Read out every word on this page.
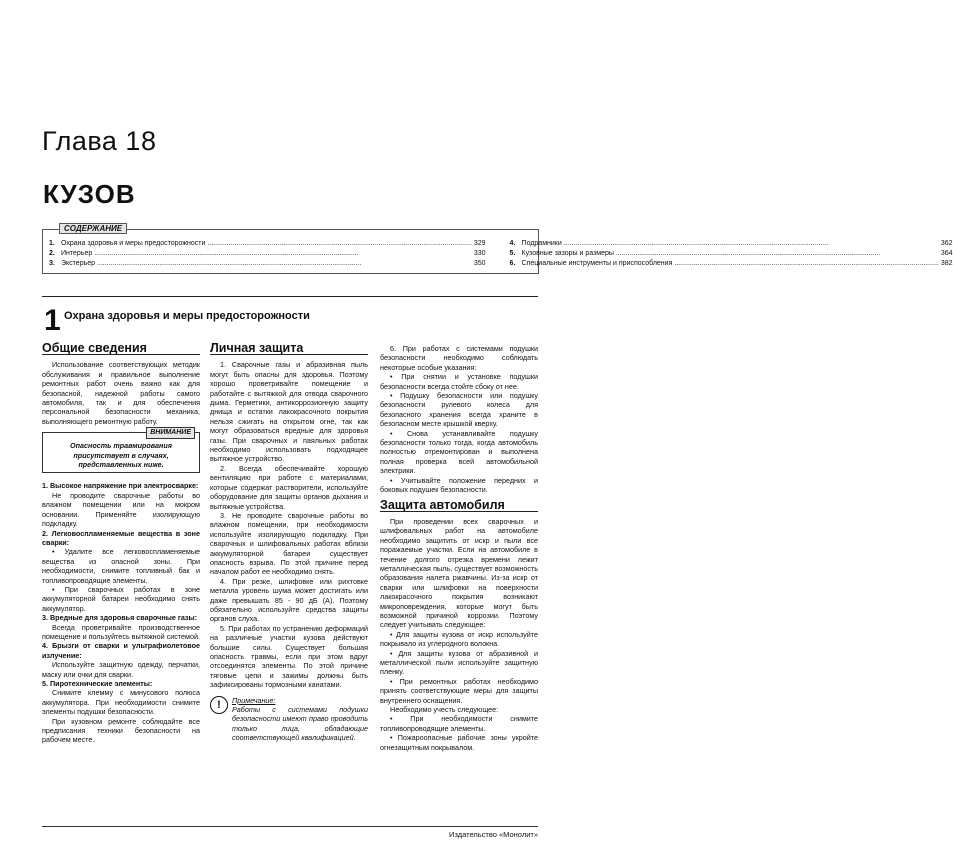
Глава 18
КУЗОВ
СОДЕРЖАНИЕ
1. Охрана здоровья и меры предосторожности .....	329
2. Интерьер .....	330
3. Экстерьер .....	350
4. Подрамники .....	362
5. Кузовные зазоры и размеры .....	364
6. Специальные инструменты и приспособления .....	382
1 Охрана здоровья и меры предосторожности
Общие сведения

Использование соответствующих методик обслуживания и правильное выполнение ремонтных работ очень важно как для безопасной, надежной работы самого автомобиля, так и для обеспечения персональной безопасности механика, выполняющего ремонтную работу.

ВНИМАНИЕ
Опасность травмирования присутствует в случаях, представленных ниже.

1. Высокое напряжение при электросварке:

Не проводите сварочные работы во влажном помещении или на мокром основании. Применяйте изолирующую подкладку.

2. Легковоспламеняемые вещества в зоне сварки:

• Удалите все легковоспламеняемые вещества из опасной зоны. При необходимости, снимите топливный бак и топливопроводящие элементы.

• При сварочных работах в зоне аккумуляторной батареи необходимо снять аккумулятор.

3. Вредные для здоровья сварочные газы:

Всегда проветривайте производственное помещение и пользуйтесь вытяжной системой.

4. Брызги от сварки и ультрафиолетовое излучение:

Используйте защитную одежду, перчатки, маску или очки для сварки.

5. Пиротехнические элементы:

Снимите клемму с минусового полюса аккумулятора. При необходимости снимите элементы подушки безопасности.

При кузовном ремонте соблюдайте все предписания техники безопасности на рабочем месте.

Личная защита

1. Сварочные газы и абразивная пыль могут быть опасны для здоровья. Поэтому хорошо проветривайте помещение и работайте с вытяжкой для отвода сварочного дыма. Герметики, антикоррозионную защиту днища и остатки лакокрасочного покрытия нельзя сжигать на открытом огне, так как могут образоваться вредные для здоровья газы. При сварочных и паяльных работах необходимо использовать подходящее вытяжное устройство.

2. Всегда обеспечивайте хорошую вентиляцию при работе с материалами, которые содержат растворители, используйте оборудование для защиты органов дыхания и вытяжные устройства.

3. Не проводите сварочные работы во влажном помещении, при необходимости используйте изолирующую подкладку. При сварочных и шлифовальных работах вблизи аккумуляторной батареи существует опасность взрыва. По этой причине перед началом работ ее необходимо снять.

4. При резке, шлифовке или рихтовке металла уровень шума может достигать или даже превышать 85 - 90 дБ (А). Поэтому обязательно используйте средства защиты органов слуха.

5. При работах по устранению деформаций на различные участки кузова действуют большие силы. Существует большая опасность травмы, если при этом вдруг отсоединятся элементы. По этой причине тяговые цепи и зажимы должны быть зафиксированы тормозными канатами.

!	Примечание:
Работы с системами подушки безопасности имеют право проводить только лица, обладающие соответствующей квалификацией.

6. При работах с системами подушки безопасности необходимо соблюдать некоторые особые указания:

• При снятии и установке подушки безопасности всегда стойте сбоку от нее.

• Подушку безопасности или подушку безопасности рулевого колеса для безопасного хранения всегда храните в безопасном месте крышкой кверху.

• Снова устанавливайте подушку безопасности только тогда, когда автомобиль полностью отремонтирован и выполнена полная проверка всей автомобильной электрики.

• Учитывайте положение передних и боковых подушек безопасности.

Защита автомобиля

При проведении всех сварочных и шлифовальных работ на автомобиле необходимо защитить от искр и пыли все поражаемые участки. Если на автомобиле в течение долгого отрезка времени лежит металлическая пыль, существует возможность образования налета ржавчины. Из-за искр от сварки или шлифовки на поверхности лакокрасочного покрытия возникают микроповреждения, которые могут быть возможной причиной коррозии. Поэтому следует учитывать следующее:

• Для защиты кузова от искр используйте покрывало из углеродного волокна.

• Для защиты кузова от абразивной и металлической пыли используйте защитную пленку.

• При ремонтных работах необходимо принять соответствующие меры для защиты внутреннего оснащения.

Необходимо учесть следующее:

• При необходимости снимите топливопроводящие элементы.

• Пожароопасные рабочие зоны укройте огнезащитным покрывалом.

Издательство «Монолит»
